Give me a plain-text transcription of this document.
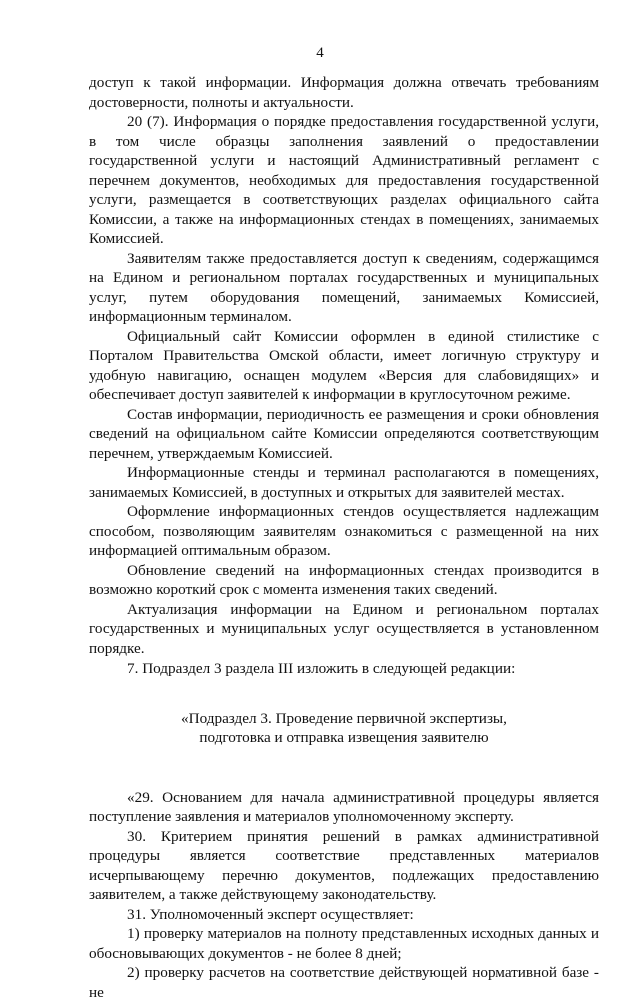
4

доступ к такой информации. Информация должна отвечать требованиям достоверности, полноты и актуальности.

20 (7). Информация о порядке предоставления государственной услуги, в том числе образцы заполнения заявлений о предоставлении государственной услуги и настоящий Административный регламент с перечнем документов, необходимых для предоставления государственной услуги, размещается в соответствующих разделах официального сайта Комиссии, а также на информационных стендах в помещениях, занимаемых Комиссией.

Заявителям также предоставляется доступ к сведениям, содержащимся на Едином и региональном порталах государственных и муниципальных услуг, путем оборудования помещений, занимаемых Комиссией, информационным терминалом.

Официальный сайт Комиссии оформлен в единой стилистике с Порталом Правительства Омской области, имеет логичную структуру и удобную навигацию, оснащен модулем «Версия для слабовидящих» и обеспечивает доступ заявителей к информации в круглосуточном режиме.

Состав информации, периодичность ее размещения и сроки обновления сведений на официальном сайте Комиссии определяются соответствующим перечнем, утверждаемым Комиссией.

Информационные стенды и терминал располагаются в помещениях, занимаемых Комиссией, в доступных и открытых для заявителей местах.

Оформление информационных стендов осуществляется надлежащим способом, позволяющим заявителям ознакомиться с размещенной на них информацией оптимальным образом.

Обновление сведений на информационных стендах производится в возможно короткий срок с момента изменения таких сведений.

Актуализация информации на Едином и региональном порталах государственных и муниципальных услуг осуществляется в установленном порядке.

7. Подраздел 3 раздела III изложить в следующей редакции:

«Подраздел 3. Проведение первичной экспертизы,
подготовка и отправка извещения заявителю

«29. Основанием для начала административной процедуры является поступление заявления и материалов уполномоченному эксперту.

30. Критерием принятия решений в рамках административной процедуры является соответствие представленных материалов исчерпывающему перечню документов, подлежащих предоставлению заявителем, а также действующему законодательству.

31. Уполномоченный эксперт осуществляет:

1) проверку материалов на полноту представленных исходных данных и обосновывающих документов - не более 8 дней;

2) проверку расчетов на соответствие действующей нормативной базе - не
